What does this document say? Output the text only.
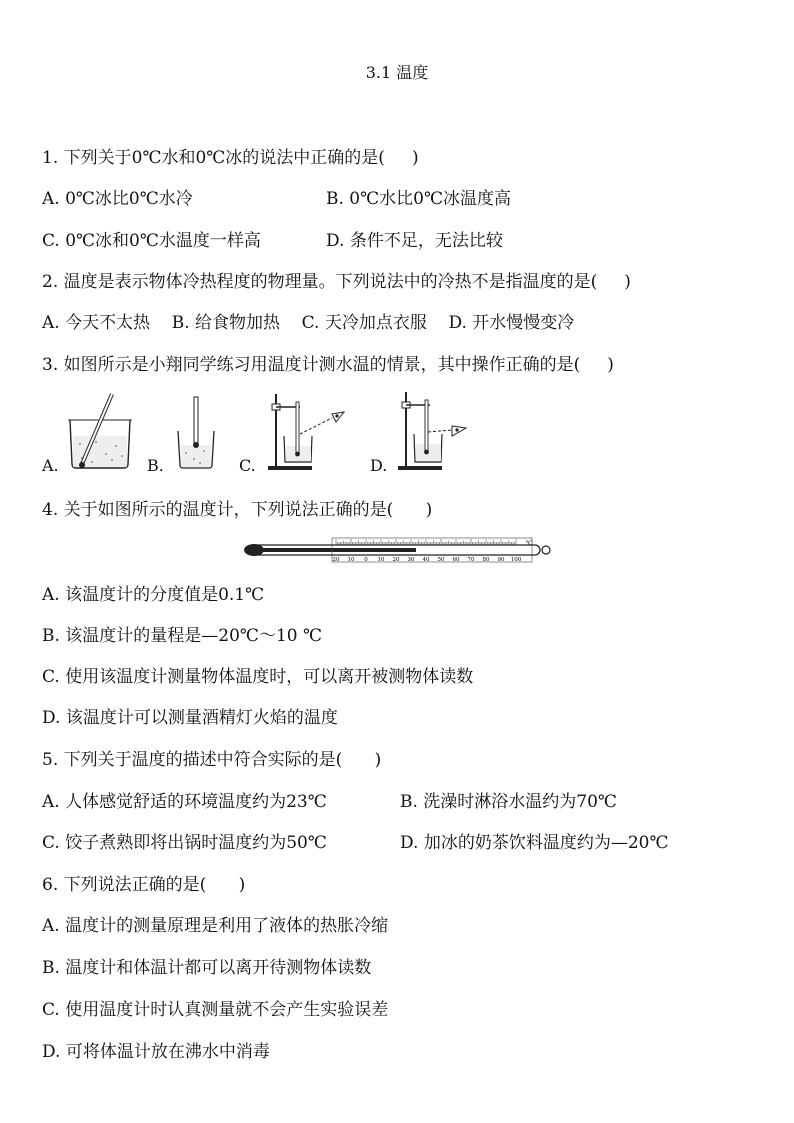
3.1 温度
1. 下列关于0℃水和0℃冰的说法中正确的是(     )
A. 0℃冰比0℃水冷	B. 0℃水比0℃冰温度高
C. 0℃冰和0℃水温度一样高	D. 条件不足，无法比较
2. 温度是表示物体冷热程度的物理量。下列说法中的冷热不是指温度的是(     )
A. 今天不太热    B. 给食物加热    C. 天冷加点衣服    D. 开水慢慢变冷
3. 如图所示是小翔同学练习用温度计测水温的情景，其中操作正确的是(     )
A.	B.	C.	D.
4. 关于如图所示的温度计，下列说法正确的是(      )
20 10 0 10 20 30 40 50 60 70 80 90 100
℃
A. 该温度计的分度值是0.1℃
B. 该温度计的量程是—20℃～10 ℃
C. 使用该温度计测量物体温度时，可以离开被测物体读数
D. 该温度计可以测量酒精灯火焰的温度
5. 下列关于温度的描述中符合实际的是(      )
A. 人体感觉舒适的环境温度约为23℃	B. 洗澡时淋浴水温约为70℃
C. 饺子煮熟即将出锅时温度约为50℃	D. 加冰的奶茶饮料温度约为—20℃
6. 下列说法正确的是(      )
A. 温度计的测量原理是利用了液体的热胀冷缩
B. 温度计和体温计都可以离开待测物体读数
C. 使用温度计时认真测量就不会产生实验误差
D. 可将体温计放在沸水中消毒
